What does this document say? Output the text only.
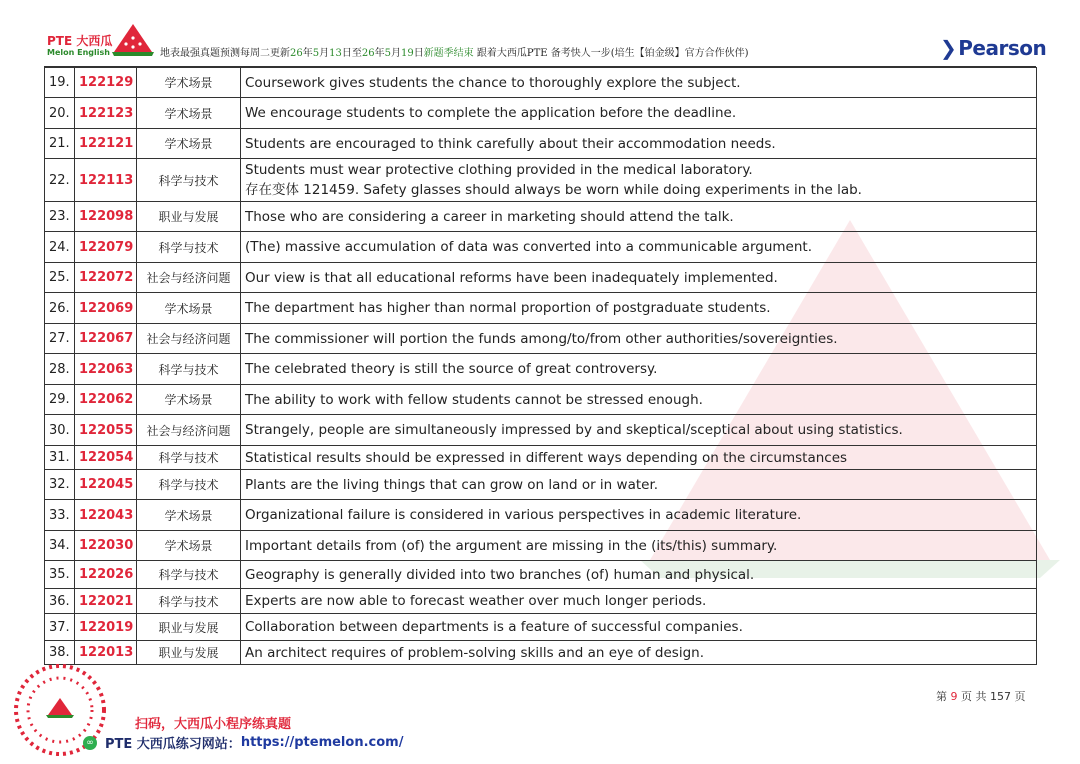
PTE 大西瓜
Melon English	地表最强真题预测每周二更新26年5月13日至26年5月19日新题季结束 跟着大西瓜PTE 备考快人一步(培生【铂金级】官方合作伙伴)	❯ Pearson
19.	122129	学术场景	Coursework gives students the chance to thoroughly explore the subject.
20.	122123	学术场景	We encourage students to complete the application before the deadline.
21.	122121	学术场景	Students are encouraged to think carefully about their accommodation needs.
22.	122113	科学与技术	Students must wear protective clothing provided in the medical laboratory.
存在变体 121459. Safety glasses should always be worn while doing experiments in the lab.

23.	122098	职业与发展	Those who are considering a career in marketing should attend the talk.
24.	122079	科学与技术	(The) massive accumulation of data was converted into a communicable argument.
25.	122072	社会与经济问题	Our view is that all educational reforms have been inadequately implemented.
26.	122069	学术场景	The department has higher than normal proportion of postgraduate students.
27.	122067	社会与经济问题	The commissioner will portion the funds among/to/from other authorities/sovereignties.
28.	122063	科学与技术	The celebrated theory is still the source of great controversy.
29.	122062	学术场景	The ability to work with fellow students cannot be stressed enough.
30.	122055	社会与经济问题	Strangely, people are simultaneously impressed by and skeptical/sceptical about using statistics.
31.	122054	科学与技术	Statistical results should be expressed in different ways depending on the circumstances
32.	122045	科学与技术	Plants are the living things that can grow on land or in water.
33.	122043	学术场景	Organizational failure is considered in various perspectives in academic literature.
34.	122030	学术场景	Important details from (of) the argument are missing in the (its/this) summary.
35.	122026	科学与技术	Geography is generally divided into two branches (of) human and physical.
36.	122021	科学与技术	Experts are now able to forecast weather over much longer periods.
37.	122019	职业与发展	Collaboration between departments is a feature of successful companies.
38.	122013	职业与发展	An architect requires of problem-solving skills and an eye of design.
第 9 页 共 157 页
扫码，大西瓜小程序练真题
∞ PTE 大西瓜练习网站：https://ptemelon.com/
